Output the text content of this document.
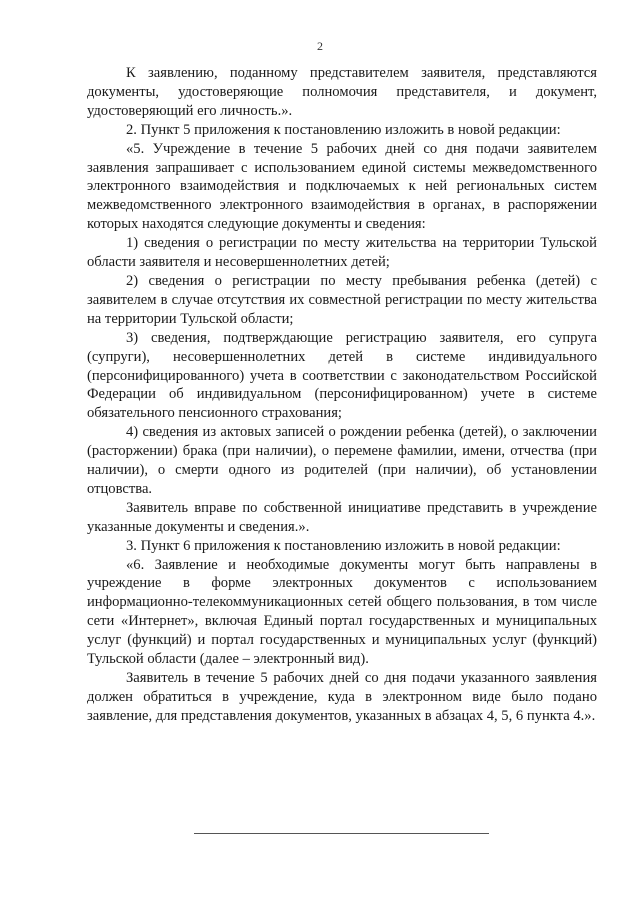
2

К заявлению, поданному представителем заявителя, представляются документы, удостоверяющие полномочия представителя, и документ, удостоверяющий его личность.».

2. Пункт 5 приложения к постановлению изложить в новой редакции:

«5. Учреждение в течение 5 рабочих дней со дня подачи заявителем заявления запрашивает с использованием единой системы межведомственного электронного взаимодействия и подключаемых к ней региональных систем межведомственного электронного взаимодействия в органах, в распоряжении которых находятся следующие документы и сведения:

1) сведения о регистрации по месту жительства на территории Тульской области заявителя и несовершеннолетних детей;

2) сведения о регистрации по месту пребывания ребенка (детей) с заявителем в случае отсутствия их совместной регистрации по месту жительства на территории Тульской области;

3) сведения, подтверждающие регистрацию заявителя, его супруга (супруги), несовершеннолетних детей в системе индивидуального (персонифицированного) учета в соответствии с законодательством Российской Федерации об индивидуальном (персонифицированном) учете в системе обязательного пенсионного страхования;

4) сведения из актовых записей о рождении ребенка (детей), о заключении (расторжении) брака (при наличии), о перемене фамилии, имени, отчества (при наличии), о смерти одного из родителей (при наличии), об установлении отцовства.

Заявитель вправе по собственной инициативе представить в учреждение указанные документы и сведения.».

3. Пункт 6 приложения к постановлению изложить в новой редакции:

«6. Заявление и необходимые документы могут быть направлены в учреждение в форме электронных документов с использованием информационно-телекоммуникационных сетей общего пользования, в том числе сети «Интернет», включая Единый портал государственных и муниципальных услуг (функций) и портал государственных и муниципальных услуг (функций) Тульской области (далее – электронный вид).

Заявитель в течение 5 рабочих дней со дня подачи указанного заявления должен обратиться в учреждение, куда в электронном виде было подано заявление, для представления документов, указанных в абзацах 4, 5, 6 пункта 4.».
